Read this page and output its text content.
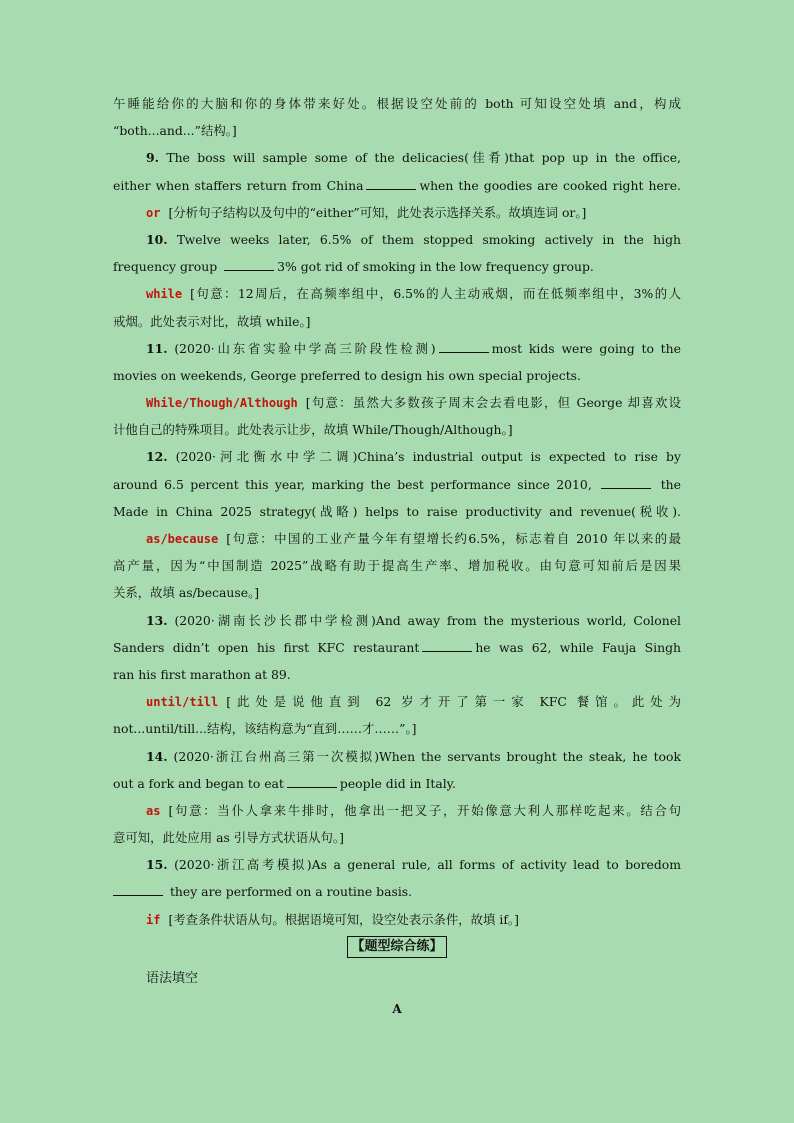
午睡能给你的大脑和你的身体带来好处。根据设空处前的 both 可知设空处填 and，构成
“both...and...”结构。]
9. The boss will sample some of the delicacies(佳肴)that pop up in the office,
either when staffers return from China	when the goodies are cooked right here.
or [分析句子结构以及句中的“either”可知，此处表示选择关系。故填连词 or。]
10. Twelve weeks later, 6.5% of them stopped smoking actively in the high
frequency group	3% got rid of smoking in the low frequency group.
while [句意：12周后，在高频率组中，6.5%的人主动戒烟，而在低频率组中，3%的人
戒烟。此处表示对比，故填 while。]
11. (2020·山东省实验中学高三阶段性检测)	most kids were going to the
movies on weekends, George preferred to design his own special projects.
While/Though/Although [句意：虽然大多数孩子周末会去看电影，但 George 却喜欢设
计他自己的特殊项目。此处表示让步，故填 While/Though/Although。]
12. (2020·河北衡水中学二调)China’s industrial output is expected to rise by
around 6.5 percent this year, marking the best performance since 2010,	the
Made in China 2025 strategy(战略) helps to raise productivity and revenue(税收).
as/because [句意：中国的工业产量今年有望增长约6.5%，标志着自 2010 年以来的最
高产量，因为“中国制造 2025”战略有助于提高生产率、增加税收。由句意可知前后是因果
关系，故填 as/because。]
13. (2020·湖南长沙长郡中学检测)And away from the mysterious world, Colonel
Sanders didn’t open his first KFC restaurant	he was 62, while Fauja Singh
ran his first marathon at 89.
until/till [此处是说他直到 62 岁才开了第一家 KFC 餐馆。此处为
not...until/till...结构，该结构意为“直到……才……”。]
14. (2020·浙江台州高三第一次模拟)When the servants brought the steak, he took
out a fork and began to eat	people did in Italy.
as [句意：当仆人拿来牛排时，他拿出一把叉子，开始像意大利人那样吃起来。结合句
意可知，此处应用 as 引导方式状语从句。]
15. (2020·浙江高考模拟)As a general rule, all forms of activity lead to boredom
they are performed on a routine basis.
if [考查条件状语从句。根据语境可知，设空处表示条件，故填 if。]
【题型综合练】
语法填空
A
